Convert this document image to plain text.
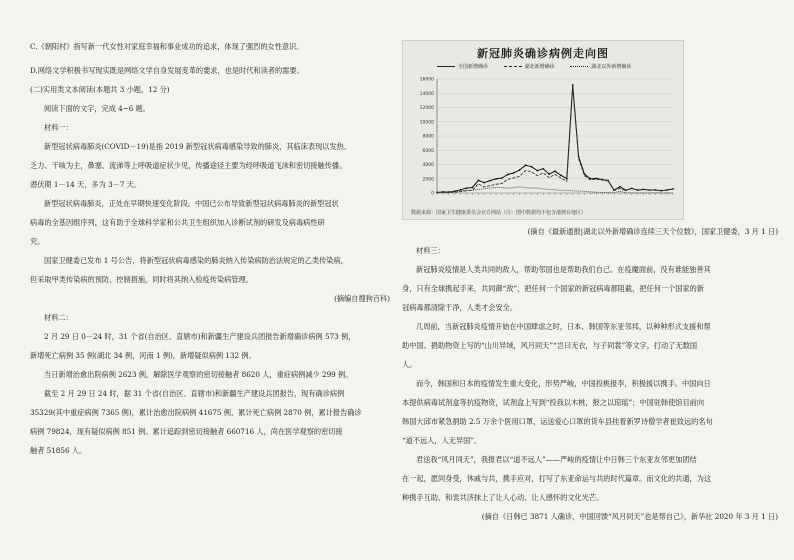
C.《朝阳村》指写新一代女性对家庭幸福和事业成功的追求，体现了强烈的女性意识。

D.网络文学积极书写现实既是网络文学自身发展变革的要求，也是时代和读者的需要。

(二)实用类文本阅读(本题共 3 小题，12 分)

阅读下面的文字，完成 4~6 题。

材料一：

新型冠状病毒肺炎(COVID－19)是指 2019 新型冠状病毒感染导致的肺炎，其临床表现以发热、

乏力、干咳为主，鼻塞、流涕等上呼吸道症状少见，传播途径主要为经呼吸道飞沫和密切接触传播。

潜伏期 1－14 天，多为 3－7 天。

新型冠状病毒肺炎，正处在早期快速变化阶段。中国已公布导致新型冠状病毒肺炎的新型冠状

病毒的全基因组序列，这有助于全球科学家和公共卫生组织加入诊断试剂的研发及病毒病性研

究。

国家卫健委已发布 1 号公告，将新型冠状病毒感染的肺炎纳入传染病防治法规定的乙类传染病，

但采取甲类传染病的预防、控制措施，同时将其纳入检疫传染病管理。

(摘编自搜狗百科)

材料二：

2 月 29 日 0－24 时，31 个省(自治区、直辖市)和新疆生产建设兵团报告新增确诊病例 573 例，

新增死亡病例 35 例(湖北 34 例，河南 1 例)，新增疑似病例 132 例。

当日新增治愈出院病例 2623 例，解除医学观察的密切接触者 8620 人，重症病例减少 299 例。

截至 2 月 29 日 24 时，据 31 个省(自治区、直辖市)和新疆生产建设兵团报告，现有确诊病例

35329(其中重症病例 7365 例)，累计治愈出院病例 41675 例，累计死亡病例 2870 例，累计报告确诊

病例 79824，现有疑似病例 851 例。累计追踪到密切接触者 660716 人，尚在医学观察的密切接

触者 51856 人。

新冠肺炎确诊病例走向图
全国新增确诊	湖北新增确诊	湖北以外新增确诊
0
2000
4000
6000
8000
10000
12000
14000
16000
数据来源：国家卫生健康委员会官方网站（注：图中数据均不包含港澳台地区）

(摘自《最新通报|湖北以外新增确诊连续三天个位数》，国家卫健委，3 月 1 日)

材料三：

新冠肺炎疫情是人类共同的敌人，帮助邻国也是帮助我们自己。在疫魔面前，没有谁能独善其

身，只有全球携起手来，共同御“敌”，把任何一个国家的新冠病毒都阻截，把任何一个国家的新

冠病毒都清除干净，人类才会安全。

几周前，当新冠肺炎疫情开始在中国肆虐之时，日本、韩国等东亚邻邦，以种种形式支援和帮

助中国。捐助物资上写的“山川异域，风月同天”“岂曰无衣，与子同裳”等文字，打动了无数国

人。

而今，韩国和日本的疫情发生重大变化，形势严峻，中国投桃报李，积极援以携手。中国向日

本提供病毒试剂盒等抗疫物资，试剂盒上写到“投我以木桃，报之以琼瑶”；中国驻韩使馆目前向

韩国大邱市紧急捐助 2.5 万余个医用口罩，运送爱心口罩的货车县挂着新罗诗僧学者崔致远的名句

“道不远人，人无异国”。

君送我“风月同天”，我报君以“道不远人”——严峻的疫情让中日韩三个东亚友邻更加团结

在一起，愿同身受，休戚与共，携手应对，打写了东亚命运与共的时代篇章。而文化的共通，为这

种携手互助、和衷共济抹上了让人心动、让人感怀的文化光芒。

(摘自《日韩已 3871 人确诊，中国回馈“风月同天”也是帮自己》，新华社 2020 年 3 月 1 日)
